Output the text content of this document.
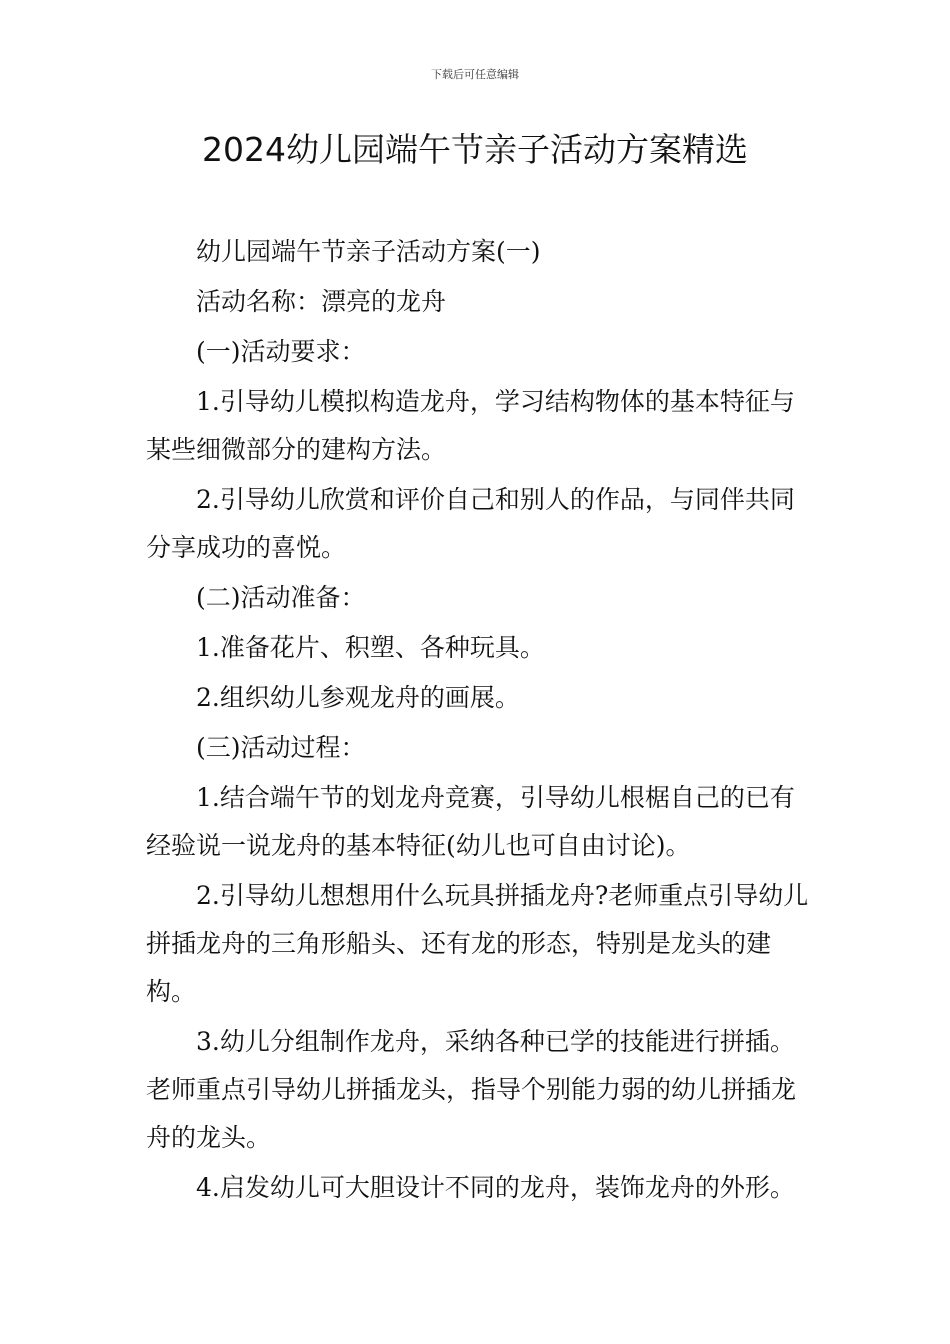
下载后可任意编辑
2024幼儿园端午节亲子活动方案精选

幼儿园端午节亲子活动方案(一)

活动名称：漂亮的龙舟

(一)活动要求：

1.引导幼儿模拟构造龙舟，学习结构物体的基本特征与某些细微部分的建构方法。

2.引导幼儿欣赏和评价自己和别人的作品，与同伴共同分享成功的喜悦。

(二)活动准备：

1.准备花片、积塑、各种玩具。

2.组织幼儿参观龙舟的画展。

(三)活动过程：

1.结合端午节的划龙舟竞赛，引导幼儿根椐自己的已有经验说一说龙舟的基本特征(幼儿也可自由讨论)。

2.引导幼儿想想用什么玩具拼插龙舟?老师重点引导幼儿拼插龙舟的三角形船头、还有龙的形态，特别是龙头的建构。

3.幼儿分组制作龙舟，采纳各种已学的技能进行拼插。老师重点引导幼儿拼插龙头，指导个别能力弱的幼儿拼插龙舟的龙头。

4.启发幼儿可大胆设计不同的龙舟，装饰龙舟的外形。
